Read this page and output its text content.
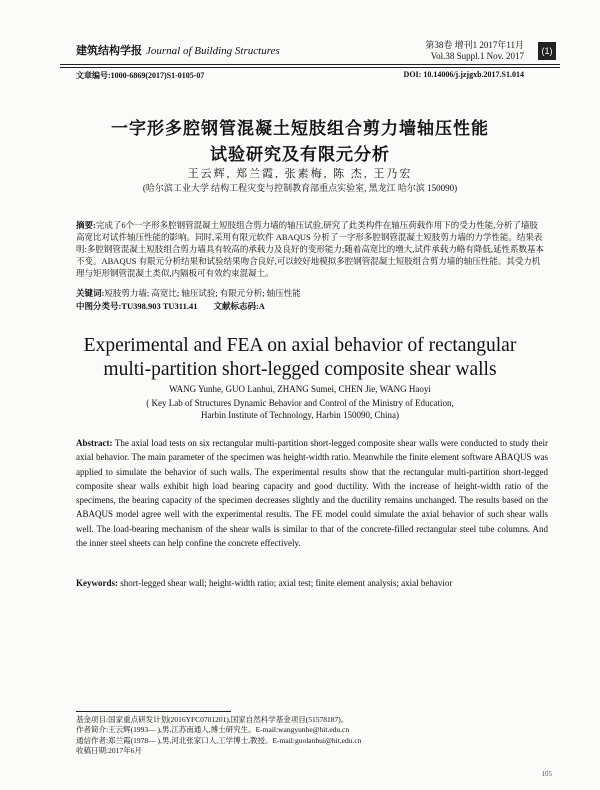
建筑结构学报 Journal of Building Structures	第38卷 增刊1 2017年11月
Vol.38 Suppl.1 Nov. 2017	(1)
文章编号:1000-6869(2017)S1-0105-07	DOI: 10.14006/j.jzjgxb.2017.S1.014
一字形多腔钢管混凝土短肢组合剪力墙轴压性能
试验研究及有限元分析
王云辉, 郑兰霞, 张素梅, 陈 杰, 王乃宏
(哈尔滨工业大学 结构工程灾变与控制教育部重点实验室, 黑龙江 哈尔滨 150090)
摘要:完成了6个一字形多腔钢管混凝土短肢组合剪力墙的轴压试验,研究了此类构件在轴压荷载作用下的受力性能,分析了墙肢高宽比对试件轴压性能的影响。同时,采用有限元软件 ABAQUS 分析了一字形多腔钢管混凝土短肢剪力墙的力学性能。结果表明:多腔钢管混凝土短肢组合剪力墙具有较高的承载力及良好的变形能力;随着高宽比的增大,试件承载力略有降低,延性系数基本不变。ABAQUS 有限元分析结果和试验结果吻合良好,可以较好地模拟多腔钢管混凝土短肢组合剪力墙的轴压性能。其受力机理与矩形钢管混凝土类似,内隔板可有效约束混凝土。
关键词:短肢剪力墙; 高宽比; 轴压试验; 有限元分析; 轴压性能
中图分类号:TU398.903 TU311.41 文献标志码:A
Experimental and FEA on axial behavior of rectangular
multi-partition short-legged composite shear walls
WANG Yunhe, GUO Lanhui, ZHANG Sumei, CHEN Jie, WANG Haoyi
( Key Lab of Structures Dynamic Behavior and Control of the Ministry of Education,
Harbin Institute of Technology, Harbin 150090, China)
Abstract: The axial load tests on six rectangular multi-partition short-legged composite shear walls were conducted to study their axial behavior. The main parameter of the specimen was height-width ratio. Meanwhile the finite element software ABAQUS was applied to simulate the behavior of such walls. The experimental results show that the rectangular multi-partition short-legged composite shear walls exhibit high load bearing capacity and good ductility. With the increase of height-width ratio of the specimens, the bearing capacity of the specimen decreases slightly and the ductility remains unchanged. The results based on the ABAQUS model agree well with the experimental results. The FE model could simulate the axial behavior of such shear walls well. The load-bearing mechanism of the shear walls is similar to that of the concrete-filled rectangular steel tube columns. And the inner steel sheets can help confine the concrete effectively.
Keywords: short-legged shear wall; height-width ratio; axial test; finite element analysis; axial behavior
基金项目:国家重点研发计划(2016YFC0701201),国家自然科学基金项目(51578187)。
作者简介:王云辉(1993— ),男,江苏南通人,博士研究生。E-mail:wangyunhe@hit.edu.cn
通信作者:郑兰霞(1978— ),男,河北张家口人,工学博士,教授。E-mail:guolanhui@hit.edu.cn
收稿日期:2017年6月
105
